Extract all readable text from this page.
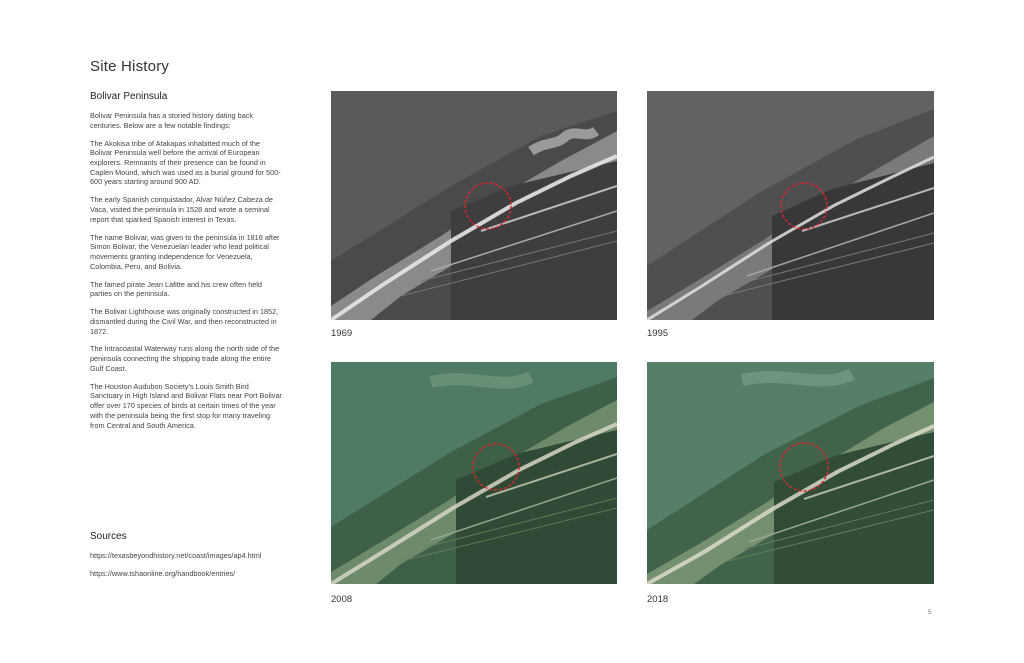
Site History
Bolivar Peninsula

Bolivar Peninsula has a storied history dating back centuries. Below are a few notable findings:

The Akokisa tribe of Atakapas inhabitted much of the Bolivar Peninsula well before the arrival of European explorers. Remnants of their presence can be found in Caplen Mound, which was used as a burial ground for 500-600 years starting around 900 AD.

The early Spanish conquistador, Alvar Núñez Cabeza de Vaca, visited the peninsula in 1528 and wrote a seminal report that sparked Spanish interest in Texas.

The name Bolivar, was given to the peninsula in 1816 after Simon Bolivar, the Venezuelan leader who lead political movements granting independence for Venezuela, Colombia, Peru, and Bolivia.

The famed pirate Jean Lafitte and his crew often held parties on the peninsula.

The Bolivar Lighthouse was originally constructed in 1852, dismantled during the Civil War, and then reconstructed in 1872.

The Intracoastal Waterway runs along the north side of the peninsula connecting the shipping trade along the entire Gulf Coast.

The Houston Audubon Society's Louis Smith Bird Sanctuary in High Island and Bolivar Flats near Port Bolivar offer over 170 species of birds at certain times of the year with the peninsula being the first stop for many traveling from Central and South America.

Sources

https://texasbeyondhistory.net/coast/images/ap4.html

https://www.tshaonline.org/handbook/entries/

1969	1995
2008	2018
5
